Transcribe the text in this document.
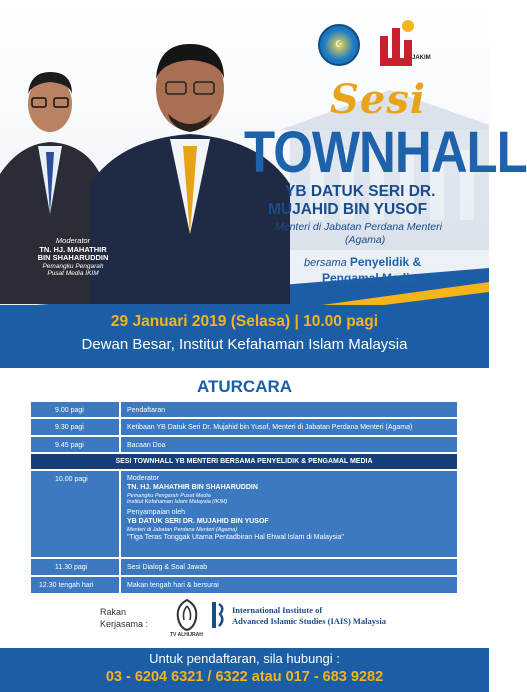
☪
JAKIM
Moderator
TN. HJ. MAHATHIR
BIN SHAHARUDDIN
Pemangku Pengarah
Pusat Media IKIM
Sesi
TOWNHALL
YB DATUK SERI DR.
MUJAHID BIN YUSOF
Menteri di Jabatan Perdana Menteri
(Agama)
bersama Penyelidik &
Pengamal Media
29 Januari 2019 (Selasa) | 10.00 pagi
Dewan Besar, Institut Kefahaman Islam Malaysia
ATURCARA
9.00 pagi	Pendaftaran
9.30 pagi	Ketibaan YB Datuk Seri Dr. Mujahid bin Yusof, Menteri di Jabatan Perdana Menteri (Agama)
9.45 pagi	Bacaan Doa
SESI TOWNHALL YB MENTERI BERSAMA PENYELIDIK & PENGAMAL MEDIA
10.00 pagi	Moderator
TN. HJ. MAHATHIR BIN SHAHARUDDIN
Pemangku Pengarah Pusat Media
Institut Kefahaman Islam Malaysia (IKIM)
Penyampaian oleh
YB DATUK SERI DR. MUJAHID BIN YUSOF
Menteri di Jabatan Perdana Menteri (Agama)
"Tiga Teras Tonggak Utama Pentadbiran Hal Ehwal Islam di Malaysia"
11.30 pagi	Sesi Dialog & Soal Jawab
12.30 tengah hari	Makan tengah hari & bersurai
Rakan
Kerjasama :
TV ALHIJRAH
International Institute of
Advanced Islamic Studies (IAIS) Malaysia
Untuk pendaftaran, sila hubungi :
03 - 6204 6321 / 6322 atau 017 - 683 9282
